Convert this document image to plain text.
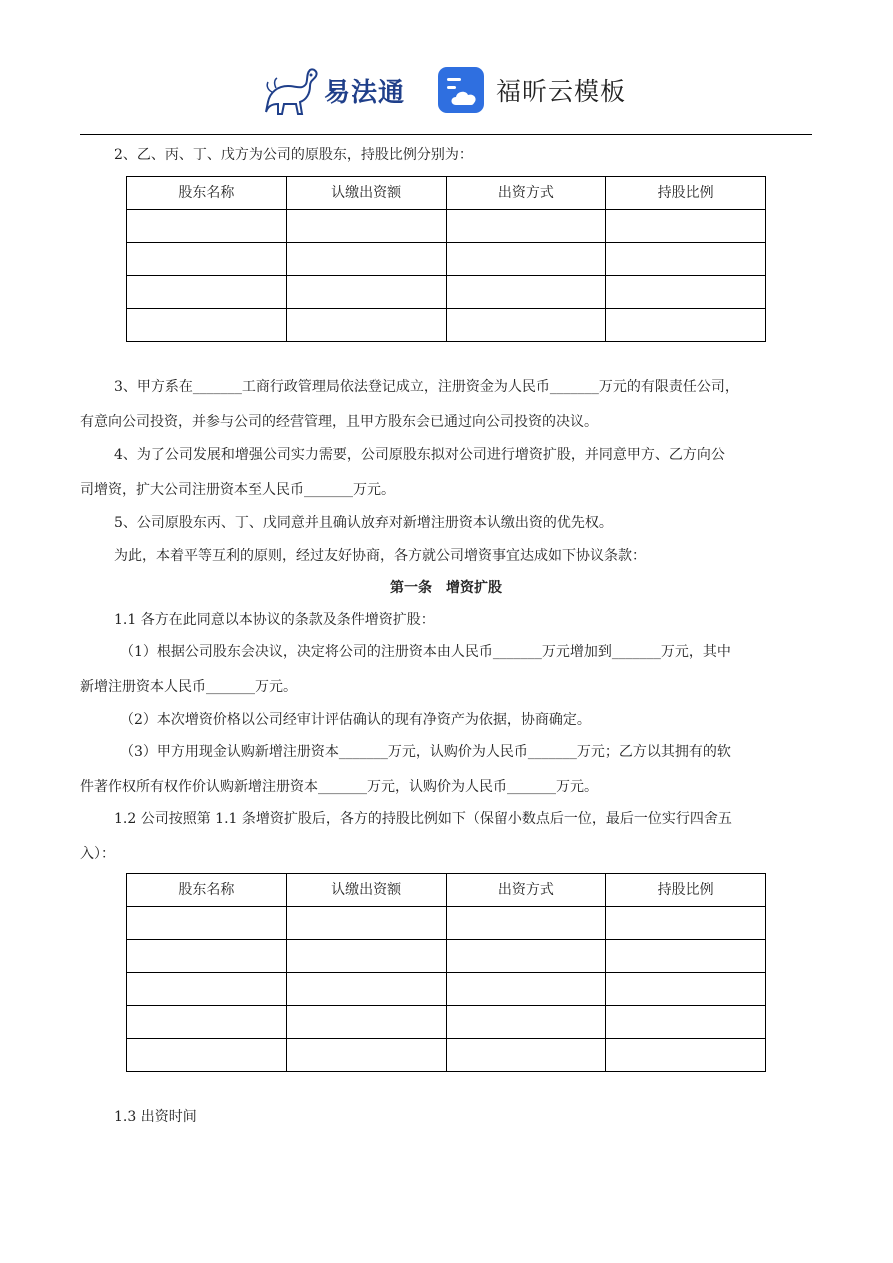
易法通	福昕云模板

2、乙、丙、丁、戊方为公司的原股东，持股比例分别为：

股东名称	认缴出资额	出资方式	持股比例

3、甲方系在_______工商行政管理局依法登记成立，注册资金为人民币_______万元的有限责任公司，

有意向公司投资，并参与公司的经营管理，且甲方股东会已通过向公司投资的决议。

4、为了公司发展和增强公司实力需要，公司原股东拟对公司进行增资扩股，并同意甲方、乙方向公

司增资，扩大公司注册资本至人民币_______万元。

5、公司原股东丙、丁、戊同意并且确认放弃对新增注册资本认缴出资的优先权。

为此，本着平等互利的原则，经过友好协商，各方就公司增资事宜达成如下协议条款：

第一条　增资扩股

1.1 各方在此同意以本协议的条款及条件增资扩股：

（1）根据公司股东会决议，决定将公司的注册资本由人民币_______万元增加到_______万元，其中

新增注册资本人民币_______万元。

（2）本次增资价格以公司经审计评估确认的现有净资产为依据，协商确定。

（3）甲方用现金认购新增注册资本_______万元，认购价为人民币_______万元；乙方以其拥有的软

件著作权所有权作价认购新增注册资本_______万元，认购价为人民币_______万元。

1.2 公司按照第 1.1 条增资扩股后，各方的持股比例如下（保留小数点后一位，最后一位实行四舍五

入）：

股东名称	认缴出资额	出资方式	持股比例

1.3 出资时间
